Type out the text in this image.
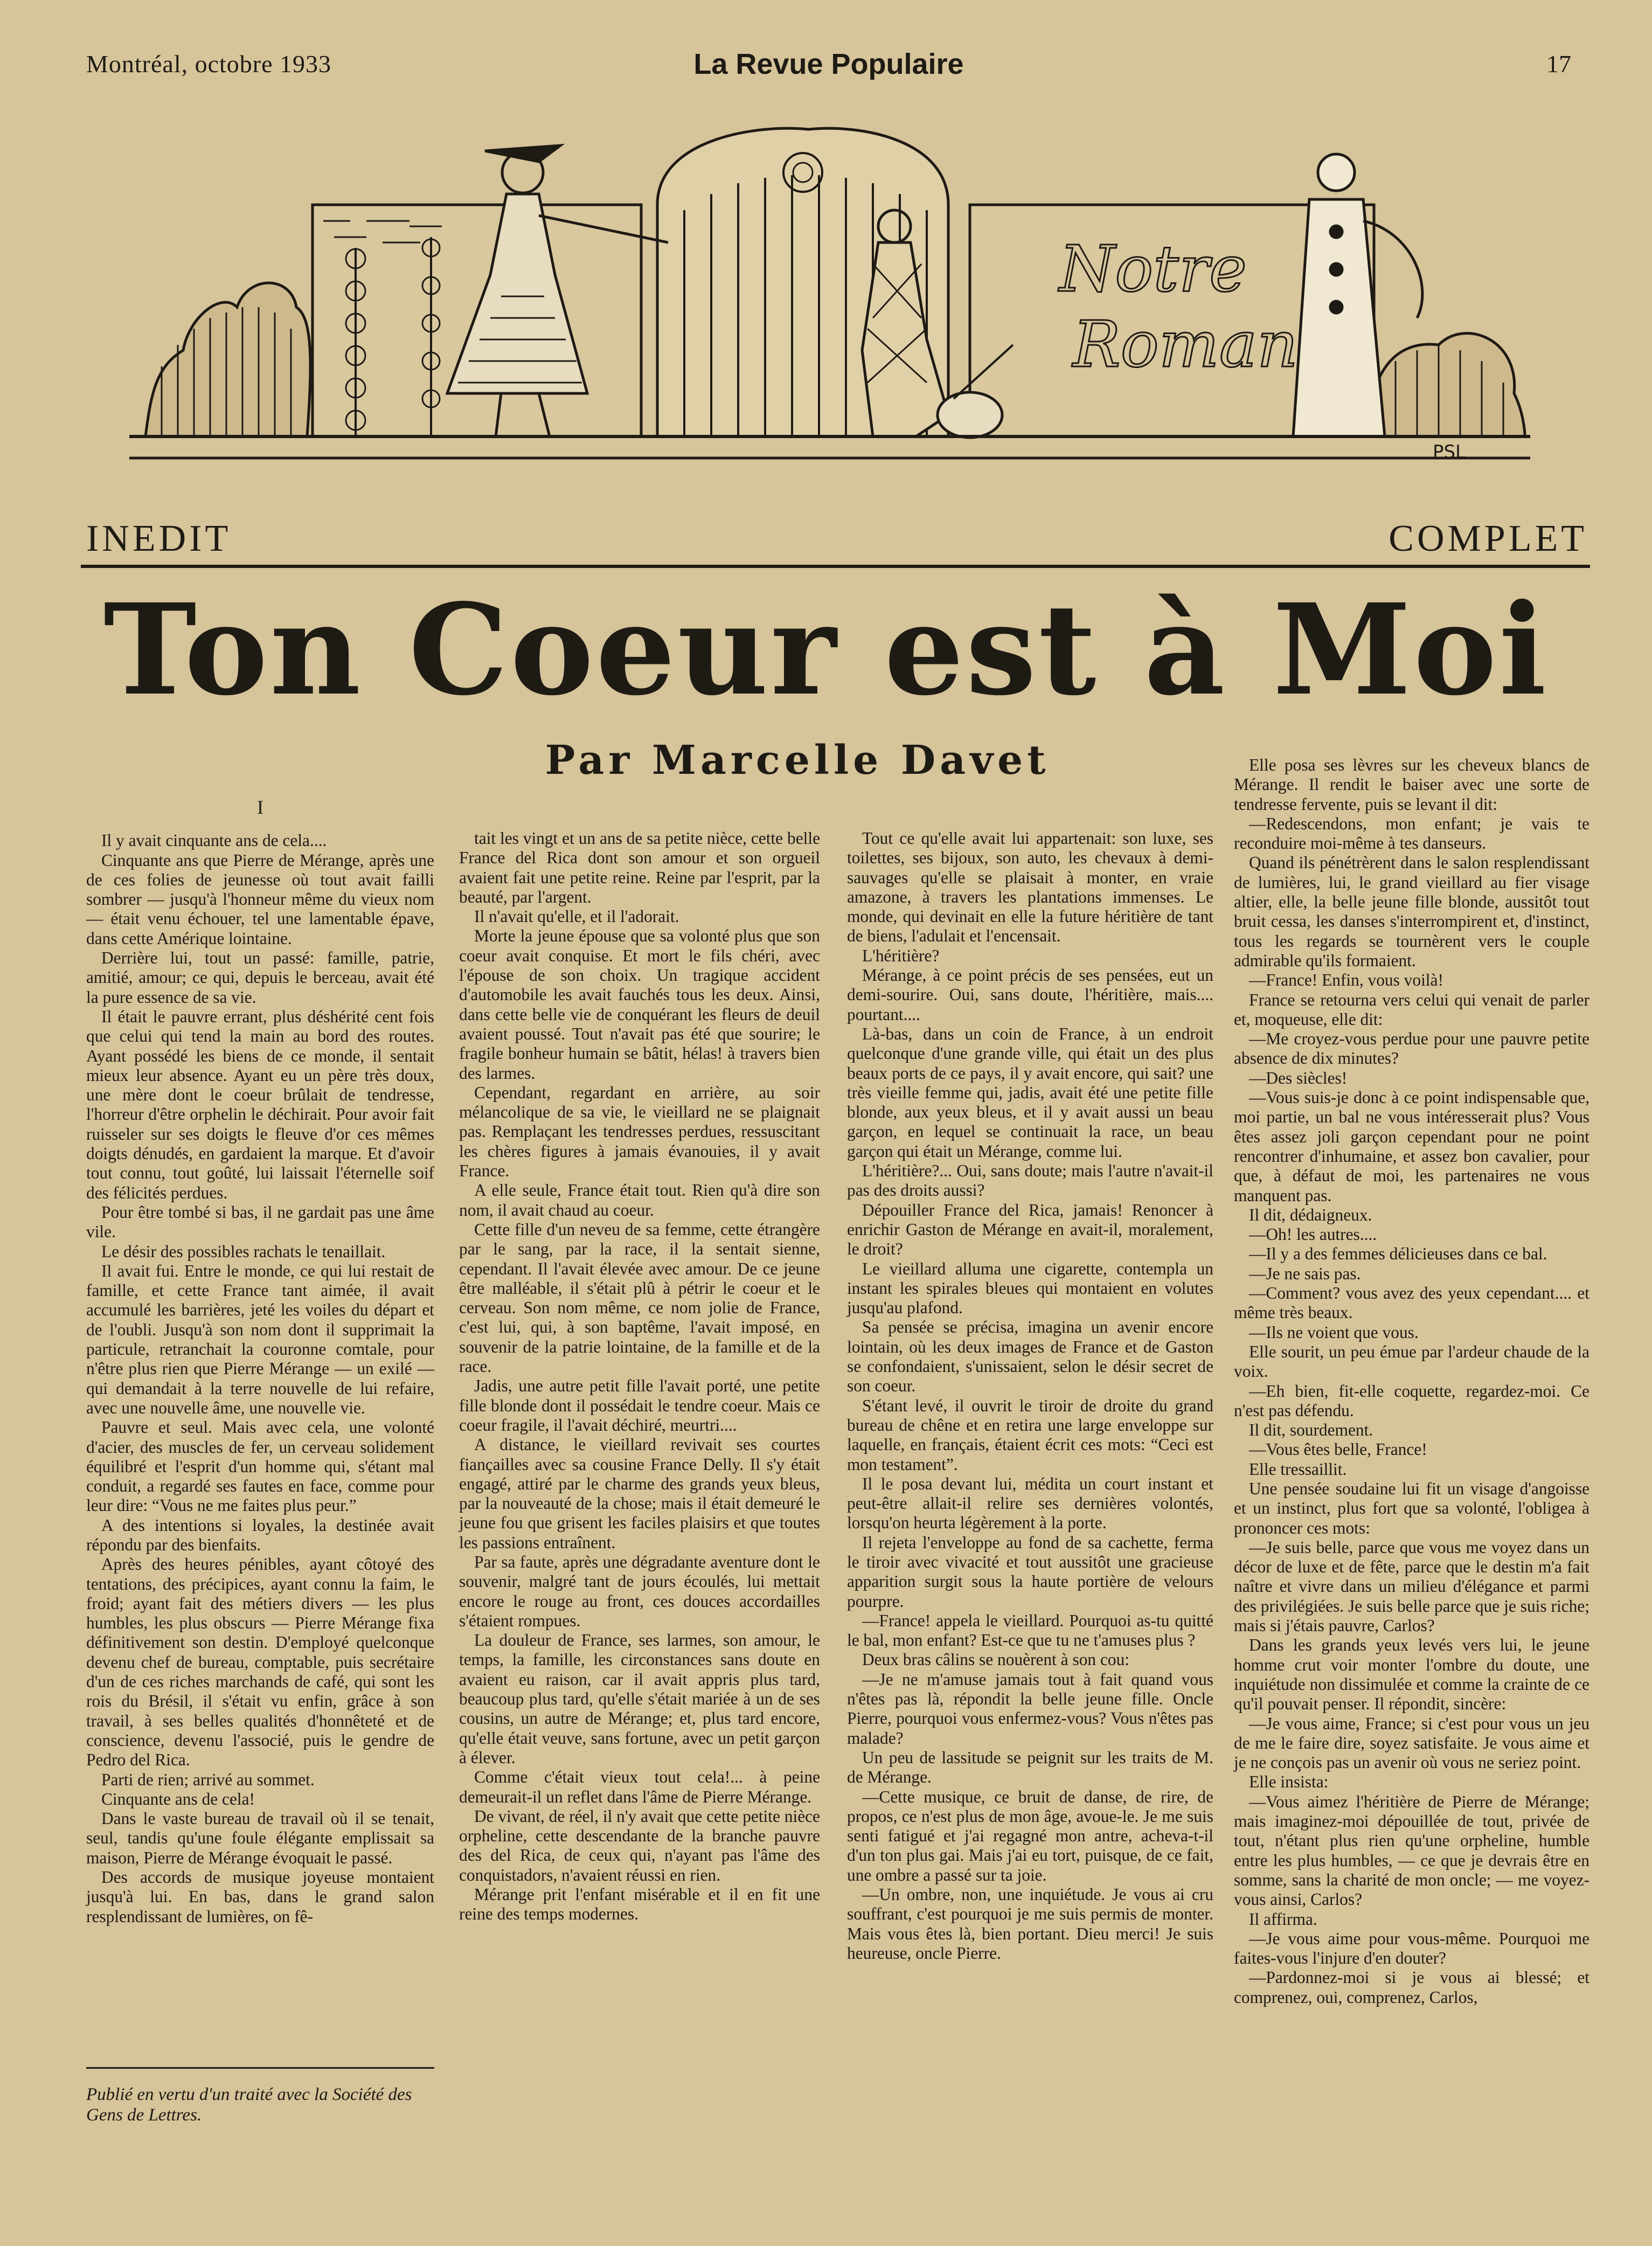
Montréal, octobre 1933	La Revue Populaire	17
Notre
Roman
PSL
INEDIT	COMPLET
Ton Coeur est à Moi
Par Marcelle Davet
I

Il y avait cinquante ans de cela....

Cinquante ans que Pierre de Mérange, après une de ces folies de jeunesse où tout avait failli sombrer — jusqu'à l'honneur même du vieux nom — était venu échouer, tel une lamentable épave, dans cette Amérique lointaine.

Derrière lui, tout un passé: famille, patrie, amitié, amour; ce qui, depuis le berceau, avait été la pure essence de sa vie.

Il était le pauvre errant, plus déshérité cent fois que celui qui tend la main au bord des routes. Ayant possédé les biens de ce monde, il sentait mieux leur absence. Ayant eu un père très doux, une mère dont le coeur brûlait de tendresse, l'horreur d'être orphelin le déchirait. Pour avoir fait ruisseler sur ses doigts le fleuve d'or ces mêmes doigts dénudés, en gardaient la marque. Et d'avoir tout connu, tout goûté, lui laissait l'éternelle soif des félicités perdues.

Pour être tombé si bas, il ne gardait pas une âme vile.

Le désir des possibles rachats le tenaillait.

Il avait fui. Entre le monde, ce qui lui restait de famille, et cette France tant aimée, il avait accumulé les barrières, jeté les voiles du départ et de l'oubli. Jusqu'à son nom dont il supprimait la particule, retranchait la couronne comtale, pour n'être plus rien que Pierre Mérange — un exilé — qui demandait à la terre nouvelle de lui refaire, avec une nouvelle âme, une nouvelle vie.

Pauvre et seul. Mais avec cela, une volonté d'acier, des muscles de fer, un cerveau solidement équilibré et l'esprit d'un homme qui, s'étant mal conduit, a regardé ses fautes en face, comme pour leur dire: “Vous ne me faites plus peur.”

A des intentions si loyales, la destinée avait répondu par des bienfaits.

Après des heures pénibles, ayant côtoyé des tentations, des précipices, ayant connu la faim, le froid; ayant fait des métiers divers — les plus humbles, les plus obscurs — Pierre Mérange fixa définitivement son destin. D'employé quelconque devenu chef de bureau, comptable, puis secrétaire d'un de ces riches marchands de café, qui sont les rois du Brésil, il s'était vu enfin, grâce à son travail, à ses belles qualités d'honnêteté et de conscience, devenu l'associé, puis le gendre de Pedro del Rica.

Parti de rien; arrivé au sommet.

Cinquante ans de cela!

Dans le vaste bureau de travail où il se tenait, seul, tandis qu'une foule élégante emplissait sa maison, Pierre de Mérange évoquait le passé.

Des accords de musique joyeuse montaient jusqu'à lui. En bas, dans le grand salon resplendissant de lumières, on fê-

Publié en vertu d'un traité avec la Société des Gens de Lettres.

tait les vingt et un ans de sa petite nièce, cette belle France del Rica dont son amour et son orgueil avaient fait une petite reine. Reine par l'esprit, par la beauté, par l'argent.

Il n'avait qu'elle, et il l'adorait.

Morte la jeune épouse que sa volonté plus que son coeur avait conquise. Et mort le fils chéri, avec l'épouse de son choix. Un tragique accident d'automobile les avait fauchés tous les deux. Ainsi, dans cette belle vie de conquérant les fleurs de deuil avaient poussé. Tout n'avait pas été que sourire; le fragile bonheur humain se bâtit, hélas! à travers bien des larmes.

Cependant, regardant en arrière, au soir mélancolique de sa vie, le vieillard ne se plaignait pas. Remplaçant les tendresses perdues, ressuscitant les chères figures à jamais évanouies, il y avait France.

A elle seule, France était tout. Rien qu'à dire son nom, il avait chaud au coeur.

Cette fille d'un neveu de sa femme, cette étrangère par le sang, par la race, il la sentait sienne, cependant. Il l'avait élevée avec amour. De ce jeune être malléable, il s'était plû à pétrir le coeur et le cerveau. Son nom même, ce nom jolie de France, c'est lui, qui, à son baptême, l'avait imposé, en souvenir de la patrie lointaine, de la famille et de la race.

Jadis, une autre petit fille l'avait porté, une petite fille blonde dont il possédait le tendre coeur. Mais ce coeur fragile, il l'avait déchiré, meurtri....

A distance, le vieillard revivait ses courtes fiançailles avec sa cousine France Delly. Il s'y était engagé, attiré par le charme des grands yeux bleus, par la nouveauté de la chose; mais il était demeuré le jeune fou que grisent les faciles plaisirs et que toutes les passions entraînent.

Par sa faute, après une dégradante aventure dont le souvenir, malgré tant de jours écoulés, lui mettait encore le rouge au front, ces douces accordailles s'étaient rompues.

La douleur de France, ses larmes, son amour, le temps, la famille, les circonstances sans doute en avaient eu raison, car il avait appris plus tard, beaucoup plus tard, qu'elle s'était mariée à un de ses cousins, un autre de Mérange; et, plus tard encore, qu'elle était veuve, sans fortune, avec un petit garçon à élever.

Comme c'était vieux tout cela!... à peine demeurait-il un reflet dans l'âme de Pierre Mérange.

De vivant, de réel, il n'y avait que cette petite nièce orpheline, cette descendante de la branche pauvre des del Rica, de ceux qui, n'ayant pas l'âme des conquistadors, n'avaient réussi en rien.

Mérange prit l'enfant misérable et il en fit une reine des temps modernes.

Tout ce qu'elle avait lui appartenait: son luxe, ses toilettes, ses bijoux, son auto, les chevaux à demi-sauvages qu'elle se plaisait à monter, en vraie amazone, à travers les plantations immenses. Le monde, qui devinait en elle la future héritière de tant de biens, l'adulait et l'encensait.

L'héritière?

Mérange, à ce point précis de ses pensées, eut un demi-sourire. Oui, sans doute, l'héritière, mais.... pourtant....

Là-bas, dans un coin de France, à un endroit quelconque d'une grande ville, qui était un des plus beaux ports de ce pays, il y avait encore, qui sait? une très vieille femme qui, jadis, avait été une petite fille blonde, aux yeux bleus, et il y avait aussi un beau garçon, en lequel se continuait la race, un beau garçon qui était un Mérange, comme lui.

L'héritière?... Oui, sans doute; mais l'autre n'avait-il pas des droits aussi?

Dépouiller France del Rica, jamais! Renoncer à enrichir Gaston de Mérange en avait-il, moralement, le droit?

Le vieillard alluma une cigarette, contempla un instant les spirales bleues qui montaient en volutes jusqu'au plafond.

Sa pensée se précisa, imagina un avenir encore lointain, où les deux images de France et de Gaston se confondaient, s'unissaient, selon le désir secret de son coeur.

S'étant levé, il ouvrit le tiroir de droite du grand bureau de chêne et en retira une large enveloppe sur laquelle, en français, étaient écrit ces mots: “Ceci est mon testament”.

Il le posa devant lui, médita un court instant et peut-être allait-il relire ses dernières volontés, lorsqu'on heurta légèrement à la porte.

Il rejeta l'enveloppe au fond de sa cachette, ferma le tiroir avec vivacité et tout aussitôt une gracieuse apparition surgit sous la haute portière de velours pourpre.

—France! appela le vieillard. Pourquoi as-tu quitté le bal, mon enfant? Est-ce que tu ne t'amuses plus ?

Deux bras câlins se nouèrent à son cou:

—Je ne m'amuse jamais tout à fait quand vous n'êtes pas là, répondit la belle jeune fille. Oncle Pierre, pourquoi vous enfermez-vous? Vous n'êtes pas malade?

Un peu de lassitude se peignit sur les traits de M. de Mérange.

—Cette musique, ce bruit de danse, de rire, de propos, ce n'est plus de mon âge, avoue-le. Je me suis senti fatigué et j'ai regagné mon antre, acheva-t-il d'un ton plus gai. Mais j'ai eu tort, puisque, de ce fait, une ombre a passé sur ta joie.

—Un ombre, non, une inquiétude. Je vous ai cru souffrant, c'est pourquoi je me suis permis de monter. Mais vous êtes là, bien portant. Dieu merci! Je suis heureuse, oncle Pierre.

Elle posa ses lèvres sur les cheveux blancs de Mérange. Il rendit le baiser avec une sorte de tendresse fervente, puis se levant il dit:

—Redescendons, mon enfant; je vais te reconduire moi-même à tes danseurs.

Quand ils pénétrèrent dans le salon resplendissant de lumières, lui, le grand vieillard au fier visage altier, elle, la belle jeune fille blonde, aussitôt tout bruit cessa, les danses s'interrompirent et, d'instinct, tous les regards se tournèrent vers le couple admirable qu'ils formaient.

—France! Enfin, vous voilà!

France se retourna vers celui qui venait de parler et, moqueuse, elle dit:

—Me croyez-vous perdue pour une pauvre petite absence de dix minutes?

—Des siècles!

—Vous suis-je donc à ce point indispensable que, moi partie, un bal ne vous intéresserait plus? Vous êtes assez joli garçon cependant pour ne point rencontrer d'inhumaine, et assez bon cavalier, pour que, à défaut de moi, les partenaires ne vous manquent pas.

Il dit, dédaigneux.

—Oh! les autres....

—Il y a des femmes délicieuses dans ce bal.

—Je ne sais pas.

—Comment? vous avez des yeux cependant.... et même très beaux.

—Ils ne voient que vous.

Elle sourit, un peu émue par l'ardeur chaude de la voix.

—Eh bien, fit-elle coquette, regardez-moi. Ce n'est pas défendu.

Il dit, sourdement.

—Vous êtes belle, France!

Elle tressaillit.

Une pensée soudaine lui fit un visage d'angoisse et un instinct, plus fort que sa volonté, l'obligea à prononcer ces mots:

—Je suis belle, parce que vous me voyez dans un décor de luxe et de fête, parce que le destin m'a fait naître et vivre dans un milieu d'élégance et parmi des privilégiées. Je suis belle parce que je suis riche; mais si j'étais pauvre, Carlos?

Dans les grands yeux levés vers lui, le jeune homme crut voir monter l'ombre du doute, une inquiétude non dissimulée et comme la crainte de ce qu'il pouvait penser. Il répondit, sincère:

—Je vous aime, France; si c'est pour vous un jeu de me le faire dire, soyez satisfaite. Je vous aime et je ne conçois pas un avenir où vous ne seriez point.

Elle insista:

—Vous aimez l'héritière de Pierre de Mérange; mais imaginez-moi dépouillée de tout, privée de tout, n'étant plus rien qu'une orpheline, humble entre les plus humbles, — ce que je devrais être en somme, sans la charité de mon oncle; — me voyez-vous ainsi, Carlos?

Il affirma.

—Je vous aime pour vous-même. Pourquoi me faites-vous l'injure d'en douter?

—Pardonnez-moi si je vous ai blessé; et comprenez, oui, comprenez, Carlos,
